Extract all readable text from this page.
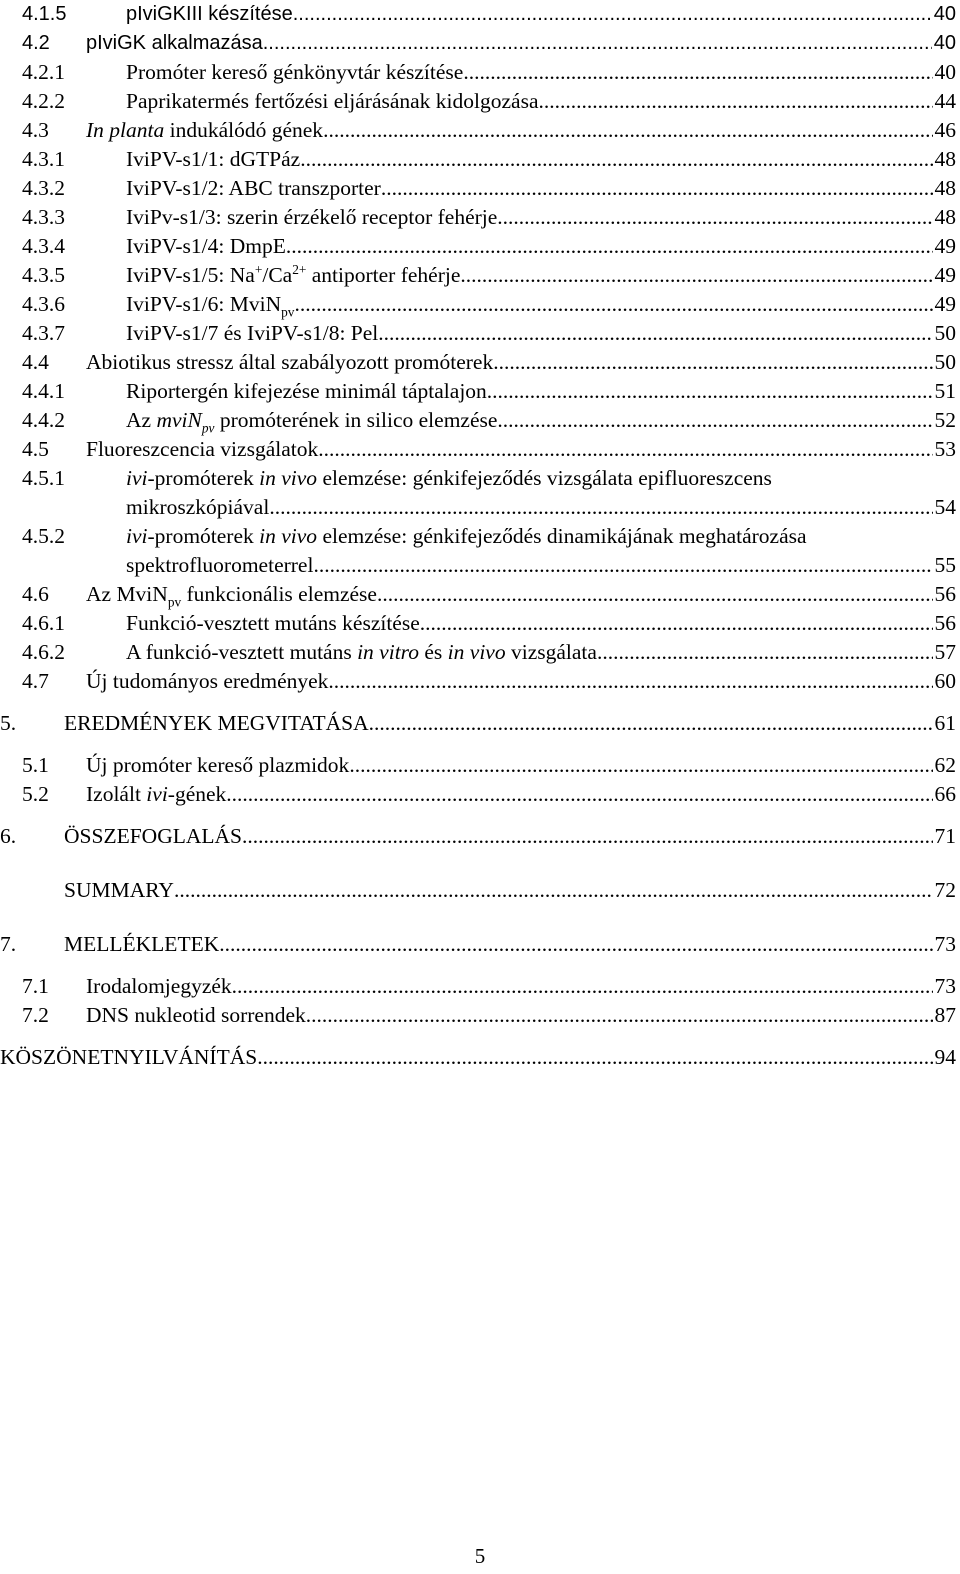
4.1.5	pIviGKIII készítése .....	40
4.2 pIviGK alkalmazása .....	40
4.2.1	Promóter kereső génkönyvtár készítése .....	40
4.2.2	Paprikatermés fertőzési eljárásának kidolgozása .....	44
4.3 In planta indukálódó gének .....	46
4.3.1	IviPV-s1/1: dGTPáz .....	48
4.3.2	IviPV-s1/2: ABC transzporter .....	48
4.3.3	IviPv-s1/3: szerin érzékelő receptor fehérje .....	48
4.3.4	IviPV-s1/4: DmpE .....	49
4.3.5	IviPV-s1/5: $Na^+/Ca^{2+}$ antiporter fehérje .....	49
4.3.6	IviPV-s1/6: MviN$_{pv}$ .....	49
4.3.7	IviPV-s1/7 és IviPV-s1/8: Pel .....	50
4.4 Abiotikus stressz által szabályozott promóterek .....	50
4.4.1	Riportergén kifejezése minimál táptalajon .....	51
4.4.2	Az mviN$_{pv}$ promóterének in silico elemzése .....	52
4.5 Fluoreszcencia vizsgálatok .....	53
4.5.1	ivi-promóterek in vivo elemzése: génkifejeződés vizsgálata epifluoreszcens
mikroszkópiával .....	54
4.5.2	ivi-promóterek in vivo elemzése: génkifejeződés dinamikájának meghatározása
spektrofluorometerrel .....	55
4.6 Az MviN$_{pv}$ funkcionális elemzése .....	56
4.6.1	Funkció-vesztett mutáns készítése .....	56
4.6.2	A funkció-vesztett mutáns in vitro és in vivo vizsgálata .....	57
4.7 Új tudományos eredmények .....	60
5. EREDMÉNYEK MEGVITATÁSA .....	61
5.1 Új promóter kereső plazmidok .....	62
5.2 Izolált ivi-gének .....	66
6. ÖSSZEFOGLALÁS .....	71
SUMMARY .....	72
7. MELLÉKLETEK .....	73
7.1 Irodalomjegyzék .....	73
7.2 DNS nukleotid sorrendek .....	87
KÖSZÖNETNYILVÁNÍTÁS .....	94
5
